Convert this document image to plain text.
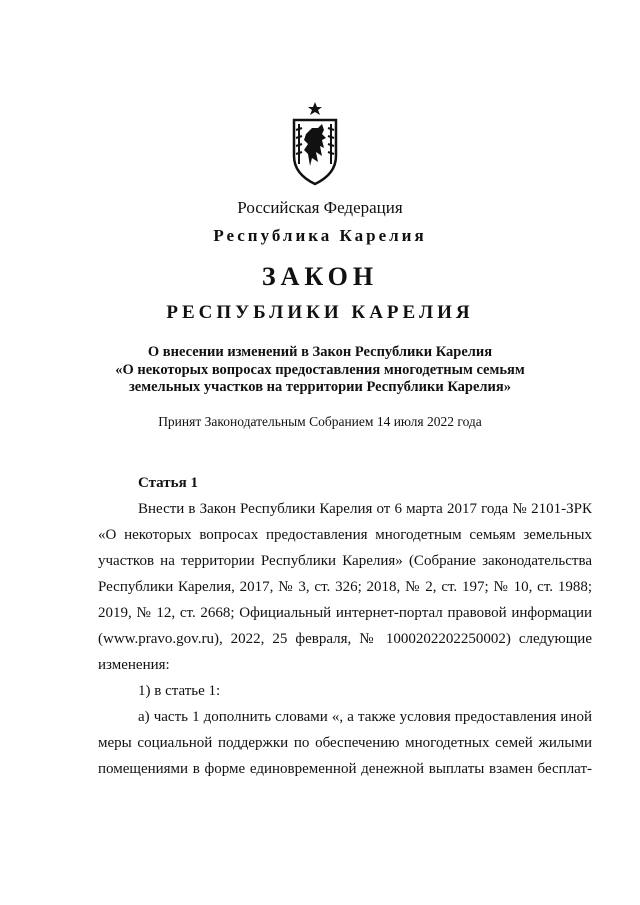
Российская Федерация
Республика Карелия
ЗАКОН
РЕСПУБЛИКИ КАРЕЛИЯ
О внесении изменений в Закон Республики Карелия
«О некоторых вопросах предоставления многодетным семьям
земельных участков на территории Республики Карелия»
Принят Законодательным Собранием 14 июля 2022 года
Статья 1
Внести в Закон Республики Карелия от 6 марта 2017 года № 2101-ЗРК
«О некоторых вопросах предоставления многодетным семьям земельных
участков на территории Республики Карелия» (Собрание законодательства
Республики Карелия, 2017, № 3, ст. 326; 2018, № 2, ст. 197; № 10, ст. 1988;
2019, № 12, ст. 2668; Официальный интернет-портал правовой информации
(www.pravo.gov.ru), 2022, 25 февраля, № 1000202202250002) следующие
изменения:
1) в статье 1:
а) часть 1 дополнить словами «, а также условия предоставления иной
меры социальной поддержки по обеспечению многодетных семей жилыми
помещениями в форме единовременной денежной выплаты взамен бесплат-
